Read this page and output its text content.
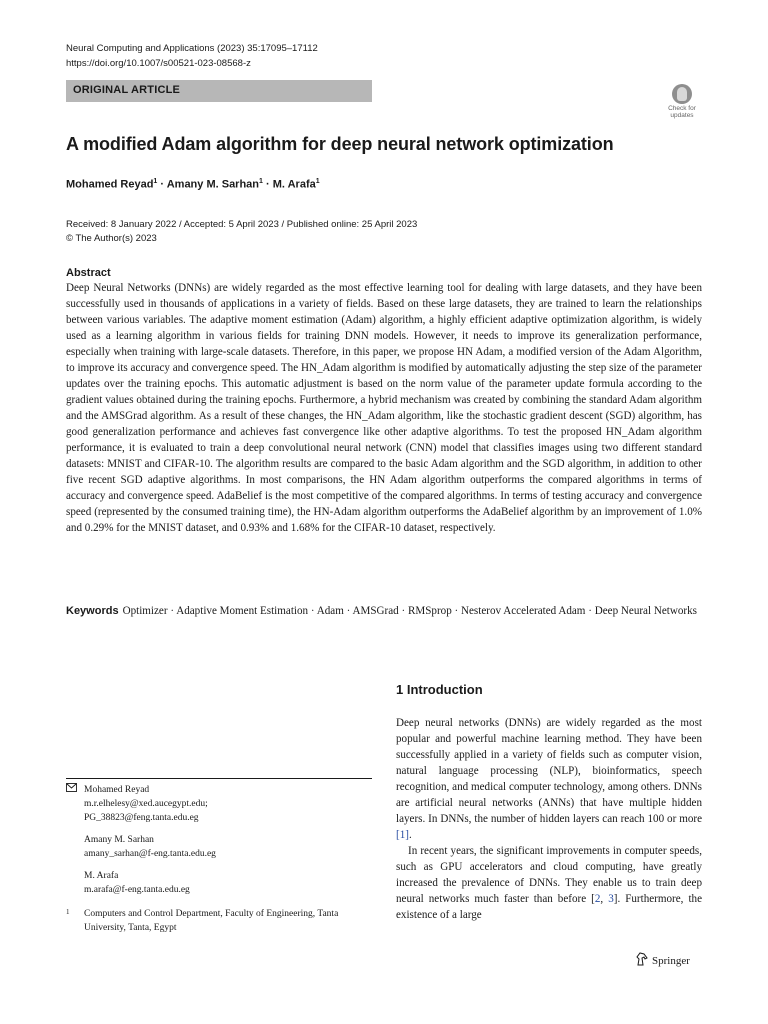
Neural Computing and Applications (2023) 35:17095–17112
https://doi.org/10.1007/s00521-023-08568-z
ORIGINAL ARTICLE
Check for
updates
A modified Adam algorithm for deep neural network optimization
Mohamed Reyad$^1$ · Amany M. Sarhan$^1$ · M. Arafa$^1$
Received: 8 January 2022 / Accepted: 5 April 2023 / Published online: 25 April 2023
© The Author(s) 2023
Abstract

Deep Neural Networks (DNNs) are widely regarded as the most effective learning tool for dealing with large datasets, and they have been successfully used in thousands of applications in a variety of fields. Based on these large datasets, they are trained to learn the relationships between various variables. The adaptive moment estimation (Adam) algorithm, a highly efficient adaptive optimization algorithm, is widely used as a learning algorithm in various fields for training DNN models. However, it needs to improve its generalization performance, especially when training with large-scale datasets. Therefore, in this paper, we propose HN Adam, a modified version of the Adam Algorithm, to improve its accuracy and convergence speed. The HN_Adam algorithm is modified by automatically adjusting the step size of the parameter updates over the training epochs. This automatic adjustment is based on the norm value of the parameter update formula according to the gradient values obtained during the training epochs. Furthermore, a hybrid mechanism was created by combining the standard Adam algorithm and the AMSGrad algorithm. As a result of these changes, the HN_Adam algorithm, like the stochastic gradient descent (SGD) algorithm, has good generalization performance and achieves fast convergence like other adaptive algorithms. To test the proposed HN_Adam algorithm performance, it is evaluated to train a deep convolutional neural network (CNN) model that classifies images using two different standard datasets: MNIST and CIFAR-10. The algorithm results are compared to the basic Adam algorithm and the SGD algorithm, in addition to other five recent SGD adaptive algorithms. In most comparisons, the HN Adam algorithm outperforms the compared algorithms in terms of accuracy and convergence speed. AdaBelief is the most competitive of the compared algorithms. In terms of testing accuracy and convergence speed (represented by the consumed training time), the HN-Adam algorithm outperforms the AdaBelief algorithm by an improvement of 1.0% and 0.29% for the MNIST dataset, and 0.93% and 1.68% for the CIFAR-10 dataset, respectively.

Keywords Optimizer · Adaptive Moment Estimation · Adam · AMSGrad · RMSprop · Nesterov Accelerated Adam · Deep Neural Networks
1 Introduction

Deep neural networks (DNNs) are widely regarded as the most popular and powerful machine learning method. They have been successfully applied in a variety of fields such as computer vision, natural language processing (NLP), bioinformatics, speech recognition, and medical computer technology, among others. DNNs are artificial neural networks (ANNs) that have multiple hidden layers. In DNNs, the number of hidden layers can reach 100 or more [1].

In recent years, the significant improvements in computer speeds, such as GPU accelerators and cloud computing, have greatly increased the prevalence of DNNs. They enable us to train deep neural networks much faster than before [2, 3]. Furthermore, the existence of a large

Mohamed Reyad
m.r.elhelesy@xed.aucegypt.edu;
PG_38823@feng.tanta.edu.eg
Amany M. Sarhan
amany_sarhan@f-eng.tanta.edu.eg
M. Arafa
m.arafa@f-eng.tanta.edu.eg
1 Computers and Control Department, Faculty of Engineering, Tanta University, Tanta, Egypt
Springer
